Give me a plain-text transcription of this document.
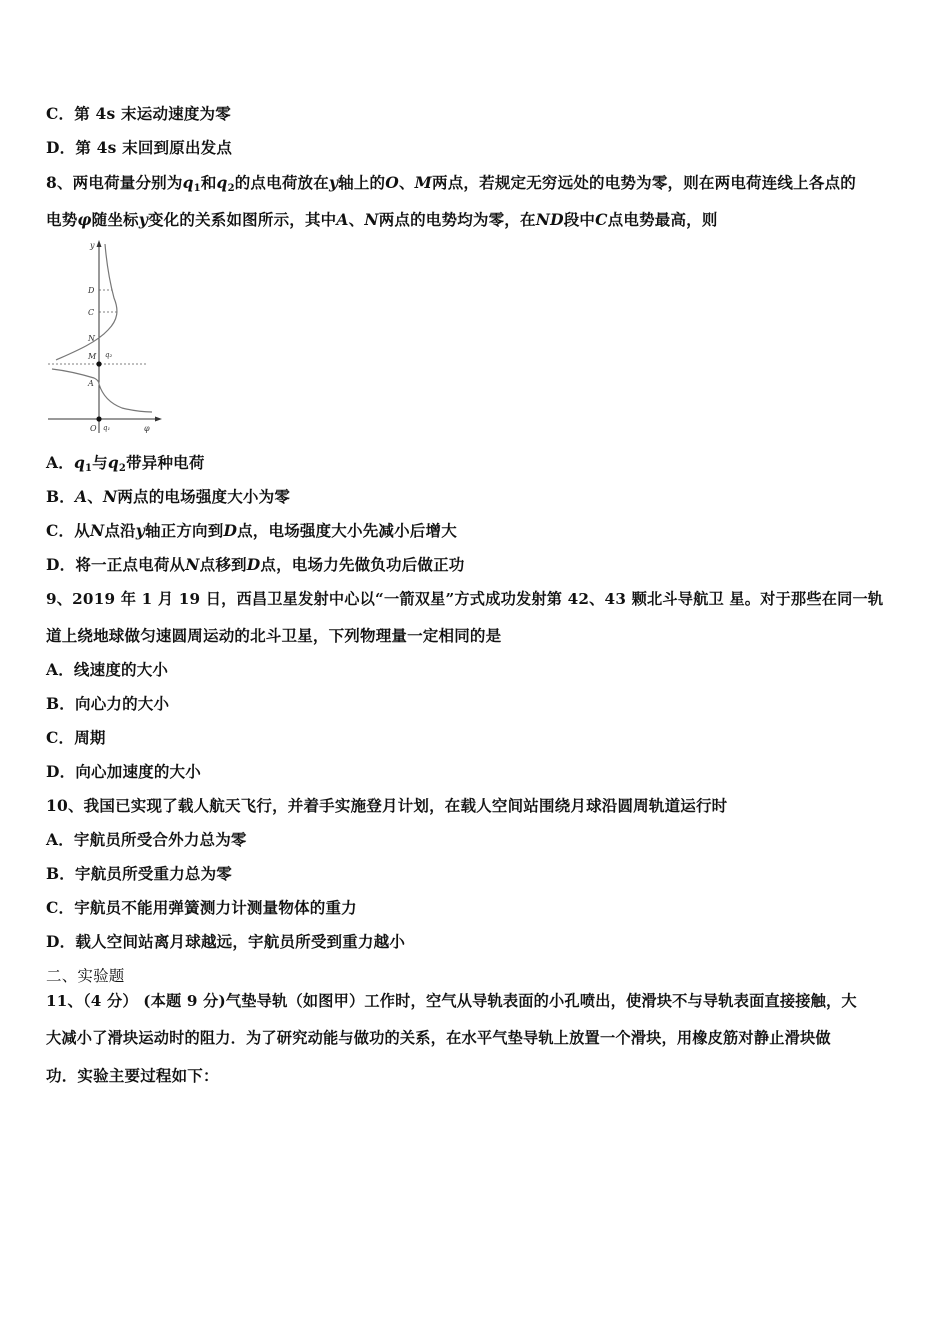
C．第 4s 末运动速度为零
D．第 4s 末回到原出发点
8、两电荷量分别为$q_1$和$q_2$的点电荷放在y轴上的O、M两点，若规定无穷远处的电势为零，则在两电荷连线上各点的
电势φ随坐标y变化的关系如图所示，其中A、N两点的电势均为零，在ND段中C点电势最高，则
y
D
C
N
M q₂
A
O q₁	φ
A．$q_1$与$q_2$带异种电荷
B．A、N两点的电场强度大小为零
C．从N点沿y轴正方向到D点，电场强度大小先减小后增大
D．将一正点电荷从N点移到D点，电场力先做负功后做正功
9、2019 年 1 月 19 日，西昌卫星发射中心以“一箭双星”方式成功发射第 42、43 颗北斗导航卫 星。对于那些在同一轨
道上绕地球做匀速圆周运动的北斗卫星，下列物理量一定相同的是
A．线速度的大小
B．向心力的大小
C．周期
D．向心加速度的大小
10、我国已实现了载人航天飞行，并着手实施登月计划，在载人空间站围绕月球沿圆周轨道运行时
A．宇航员所受合外力总为零
B．宇航员所受重力总为零
C．宇航员不能用弹簧测力计测量物体的重力
D．载人空间站离月球越远，宇航员所受到重力越小
二、实验题
11、（4 分） (本题 9 分)气垫导轨（如图甲）工作时，空气从导轨表面的小孔喷出，使滑块不与导轨表面直接接触，大
大减小了滑块运动时的阻力．为了研究动能与做功的关系，在水平气垫导轨上放置一个滑块，用橡皮筋对静止滑块做
功．实验主要过程如下：
